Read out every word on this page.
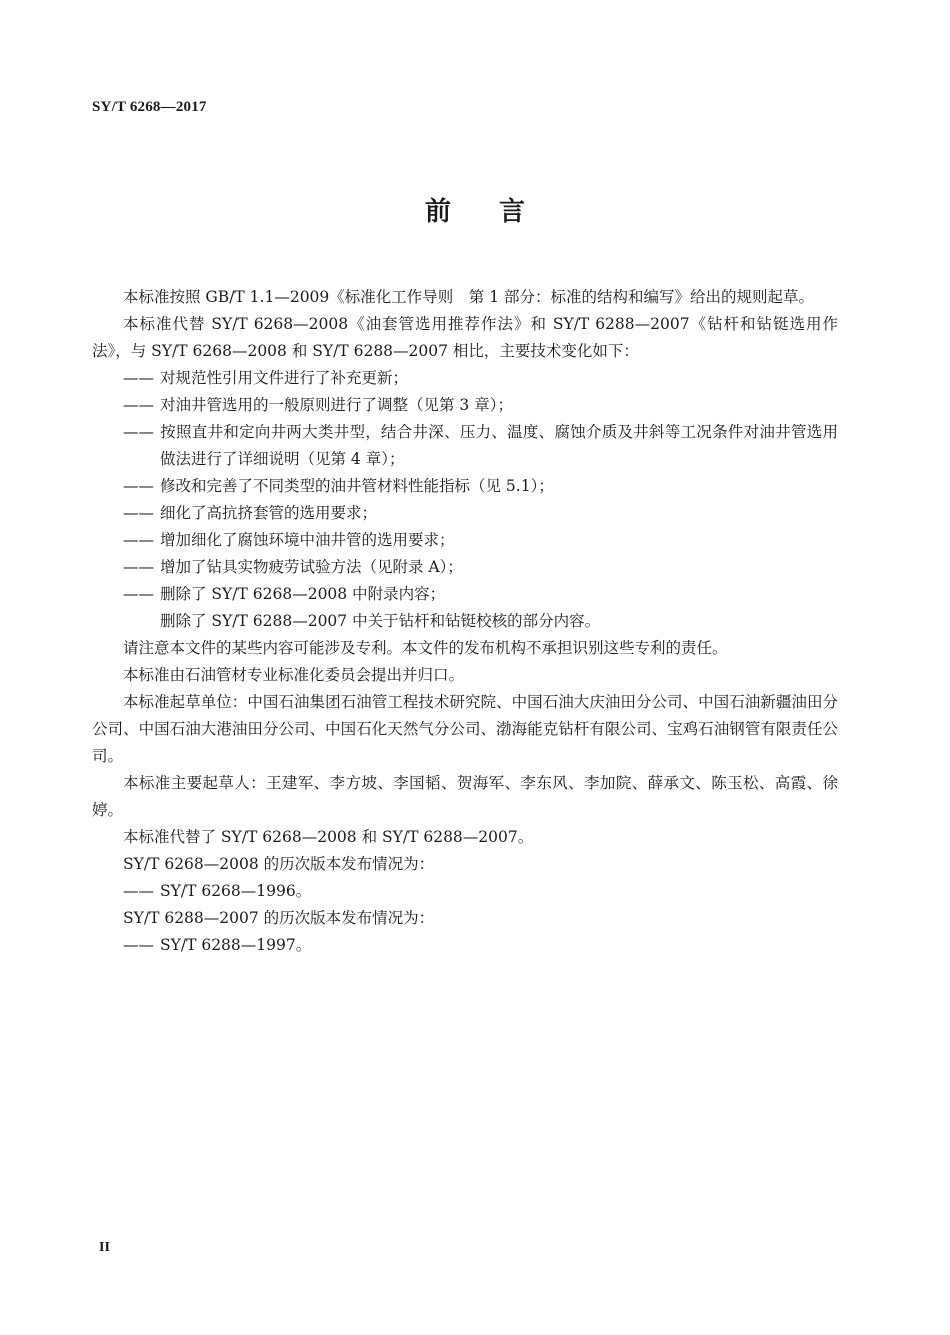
SY/T 6268—2017
前 言

本标准按照 GB/T 1.1—2009《标准化工作导则　第 1 部分：标准的结构和编写》给出的规则起草。

本标准代替 SY/T 6268—2008《油套管选用推荐作法》和 SY/T 6288—2007《钻杆和钻铤选用作法》，与 SY/T 6268—2008 和 SY/T 6288—2007 相比，主要技术变化如下：

—— 对规范性引用文件进行了补充更新；

—— 对油井管选用的一般原则进行了调整（见第 3 章）；

—— 按照直井和定向井两大类井型，结合井深、压力、温度、腐蚀介质及井斜等工况条件对油井管选用做法进行了详细说明（见第 4 章）；

—— 修改和完善了不同类型的油井管材料性能指标（见 5.1）；

—— 细化了高抗挤套管的选用要求；

—— 增加细化了腐蚀环境中油井管的选用要求；

—— 增加了钻具实物疲劳试验方法（见附录 A）；

—— 删除了 SY/T 6268—2008 中附录内容；

删除了 SY/T 6288—2007 中关于钻杆和钻铤校核的部分内容。

请注意本文件的某些内容可能涉及专利。本文件的发布机构不承担识别这些专利的责任。

本标准由石油管材专业标准化委员会提出并归口。

本标准起草单位：中国石油集团石油管工程技术研究院、中国石油大庆油田分公司、中国石油新疆油田分公司、中国石油大港油田分公司、中国石化天然气分公司、渤海能克钻杆有限公司、宝鸡石油钢管有限责任公司。

本标准主要起草人：王建军、李方坡、李国韬、贺海军、李东风、李加院、薛承文、陈玉松、高霞、徐婷。

本标准代替了 SY/T 6268—2008 和 SY/T 6288—2007。

SY/T 6268—2008 的历次版本发布情况为：

—— SY/T 6268—1996。

SY/T 6288—2007 的历次版本发布情况为：

—— SY/T 6288—1997。

II
